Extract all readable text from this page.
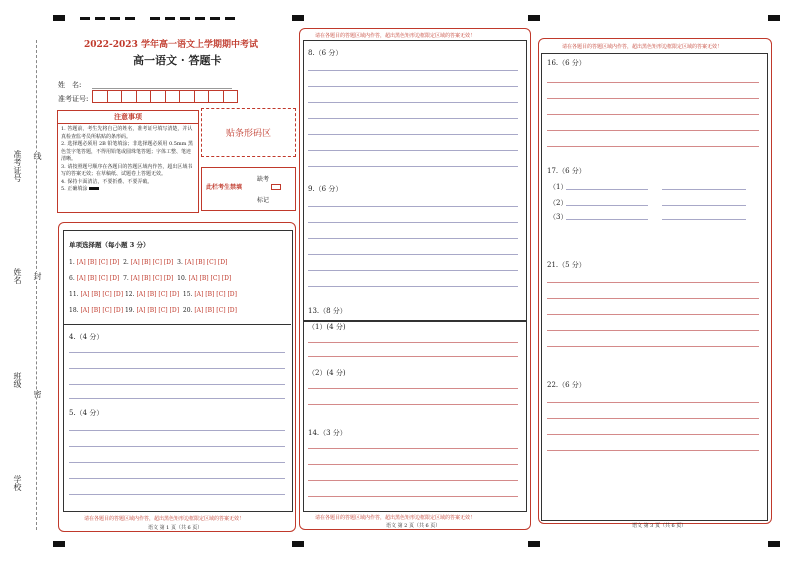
准考证号 线
姓名 封
班级
密
学校
2022-2023 学年高一语文上学期期中考试
高一语文 · 答题卡
姓　名:
准考证号:
注意事项
1. 答题前，考生先将自己的姓名，准考证号填写清楚，并认真检查监考员所粘贴的条形码。
2. 选择题必须用 2B 铅笔填涂；非选择题必须用 0.5mm 黑色签字笔答题，不得用铅笔或圆珠笔答题；字体工整、笔迹清晰。
3. 请按照题号顺序在各题目的答题区域内作答，超出区域书写的答案无效；在草稿纸、试题卷上答题无效。
4. 保持卡面清洁，不要折叠、不要弄破。
5. 正确填涂
贴条形码区
此栏考生禁填
缺考
标记
单项选择题（每小题 3 分）
1. [A] [B] [C] [D] 2. [A] [B] [C] [D] 3. [A] [B] [C] [D]
6. [A] [B] [C] [D] 7. [A] [B] [C] [D] 10. [A] [B] [C] [D]
11. [A] [B] [C] [D] 12. [A] [B] [C] [D] 15. [A] [B] [C] [D]
18. [A] [B] [C] [D] 19. [A] [B] [C] [D] 20. [A] [B] [C] [D]
4.（4 分）
5.（4 分）
请在各题目的答题区域内作答，超出黑色矩形边框限定区域的答案无效！
语文 第 1 页（共 6 页）
请在各题目的答题区域内作答，超出黑色矩形边框限定区域的答案无效！
8.（6 分）
9.（6 分）
13.（8 分）
（1）(4 分)
（2）(4 分)
14.（3 分）
请在各题目的答题区域内作答，超出黑色矩形边框限定区域的答案无效！
语文 第 2 页（共 6 页）
请在各题目的答题区域内作答，超出黑色矩形边框限定区域的答案无效！
16.（6 分）
17.（6 分）
（1）
（2）
（3）
21.（5 分）
22.（6 分）
语文 第 3 页（共 6 页）
